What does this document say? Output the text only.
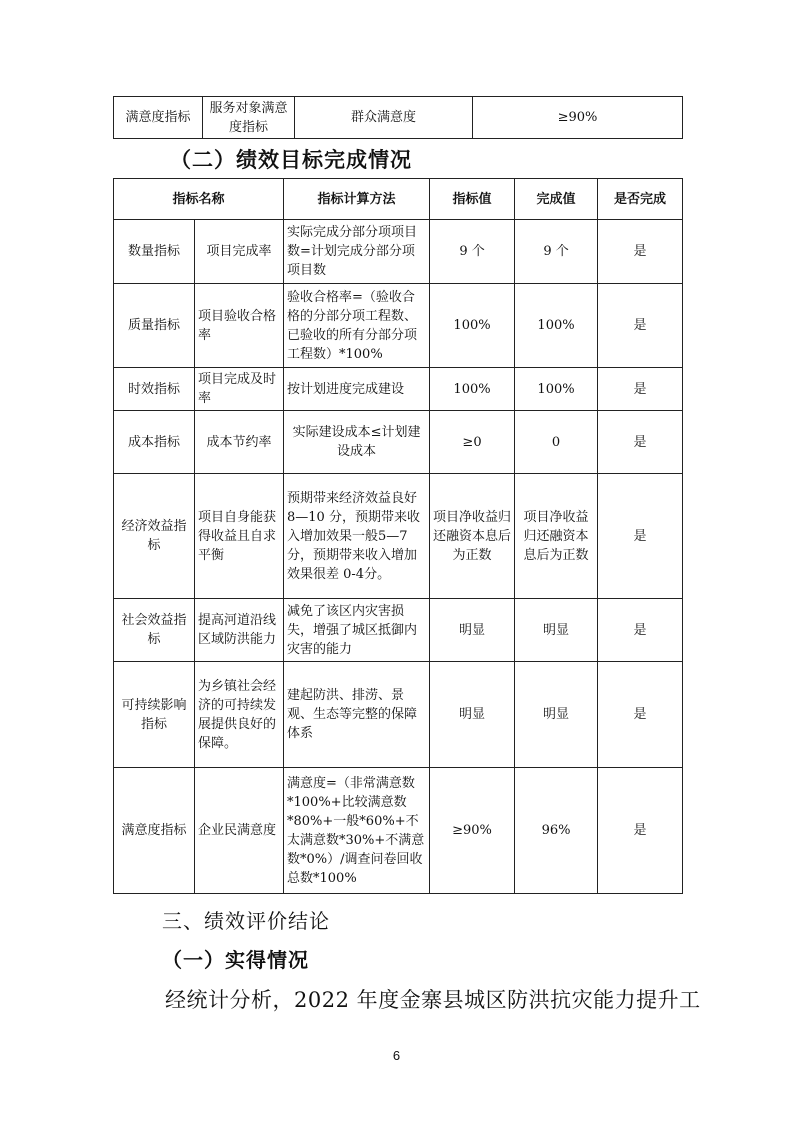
满意度指标	服务对象满意度指标	群众满意度	≥90%
（二）绩效目标完成情况
指标名称		指标计算方法	指标值	完成值	是否完成
数量指标	项目完成率	实际完成分部分项项目数=计划完成分部分项项目数	9 个	9 个	是
质量指标	项目验收合格率	验收合格率=（验收合格的分部分项工程数、已验收的所有分部分项工程数）*100%	100%	100%	是
时效指标	项目完成及时率	按计划进度完成建设	100%	100%	是
成本指标	成本节约率	实际建设成本≤计划建设成本	≥0	0	是
经济效益指标	项目自身能获得收益且自求平衡	预期带来经济效益良好 8—10 分，预期带来收入增加效果一般5—7 分，预期带来收入增加效果很差 0-4分。	项目净收益归还融资本息后为正数	项目净收益归还融资本息后为正数	是
社会效益指标	提高河道沿线区域防洪能力	减免了该区内灾害损失，增强了城区抵御内灾害的能力	明显	明显	是
可持续影响指标	为乡镇社会经济的可持续发展提供良好的保障。	建起防洪、排涝、景观、生态等完整的保障体系	明显	明显	是
满意度指标	企业民满意度	满意度=（非常满意数*100%+比较满意数*80%+一般*60%+不太满意数*30%+不满意数*0%）/调查问卷回收总数*100%	≥90%	96%	是
三、绩效评价结论
（一）实得情况
经统计分析，2022 年度金寨县城区防洪抗灾能力提升工
6
